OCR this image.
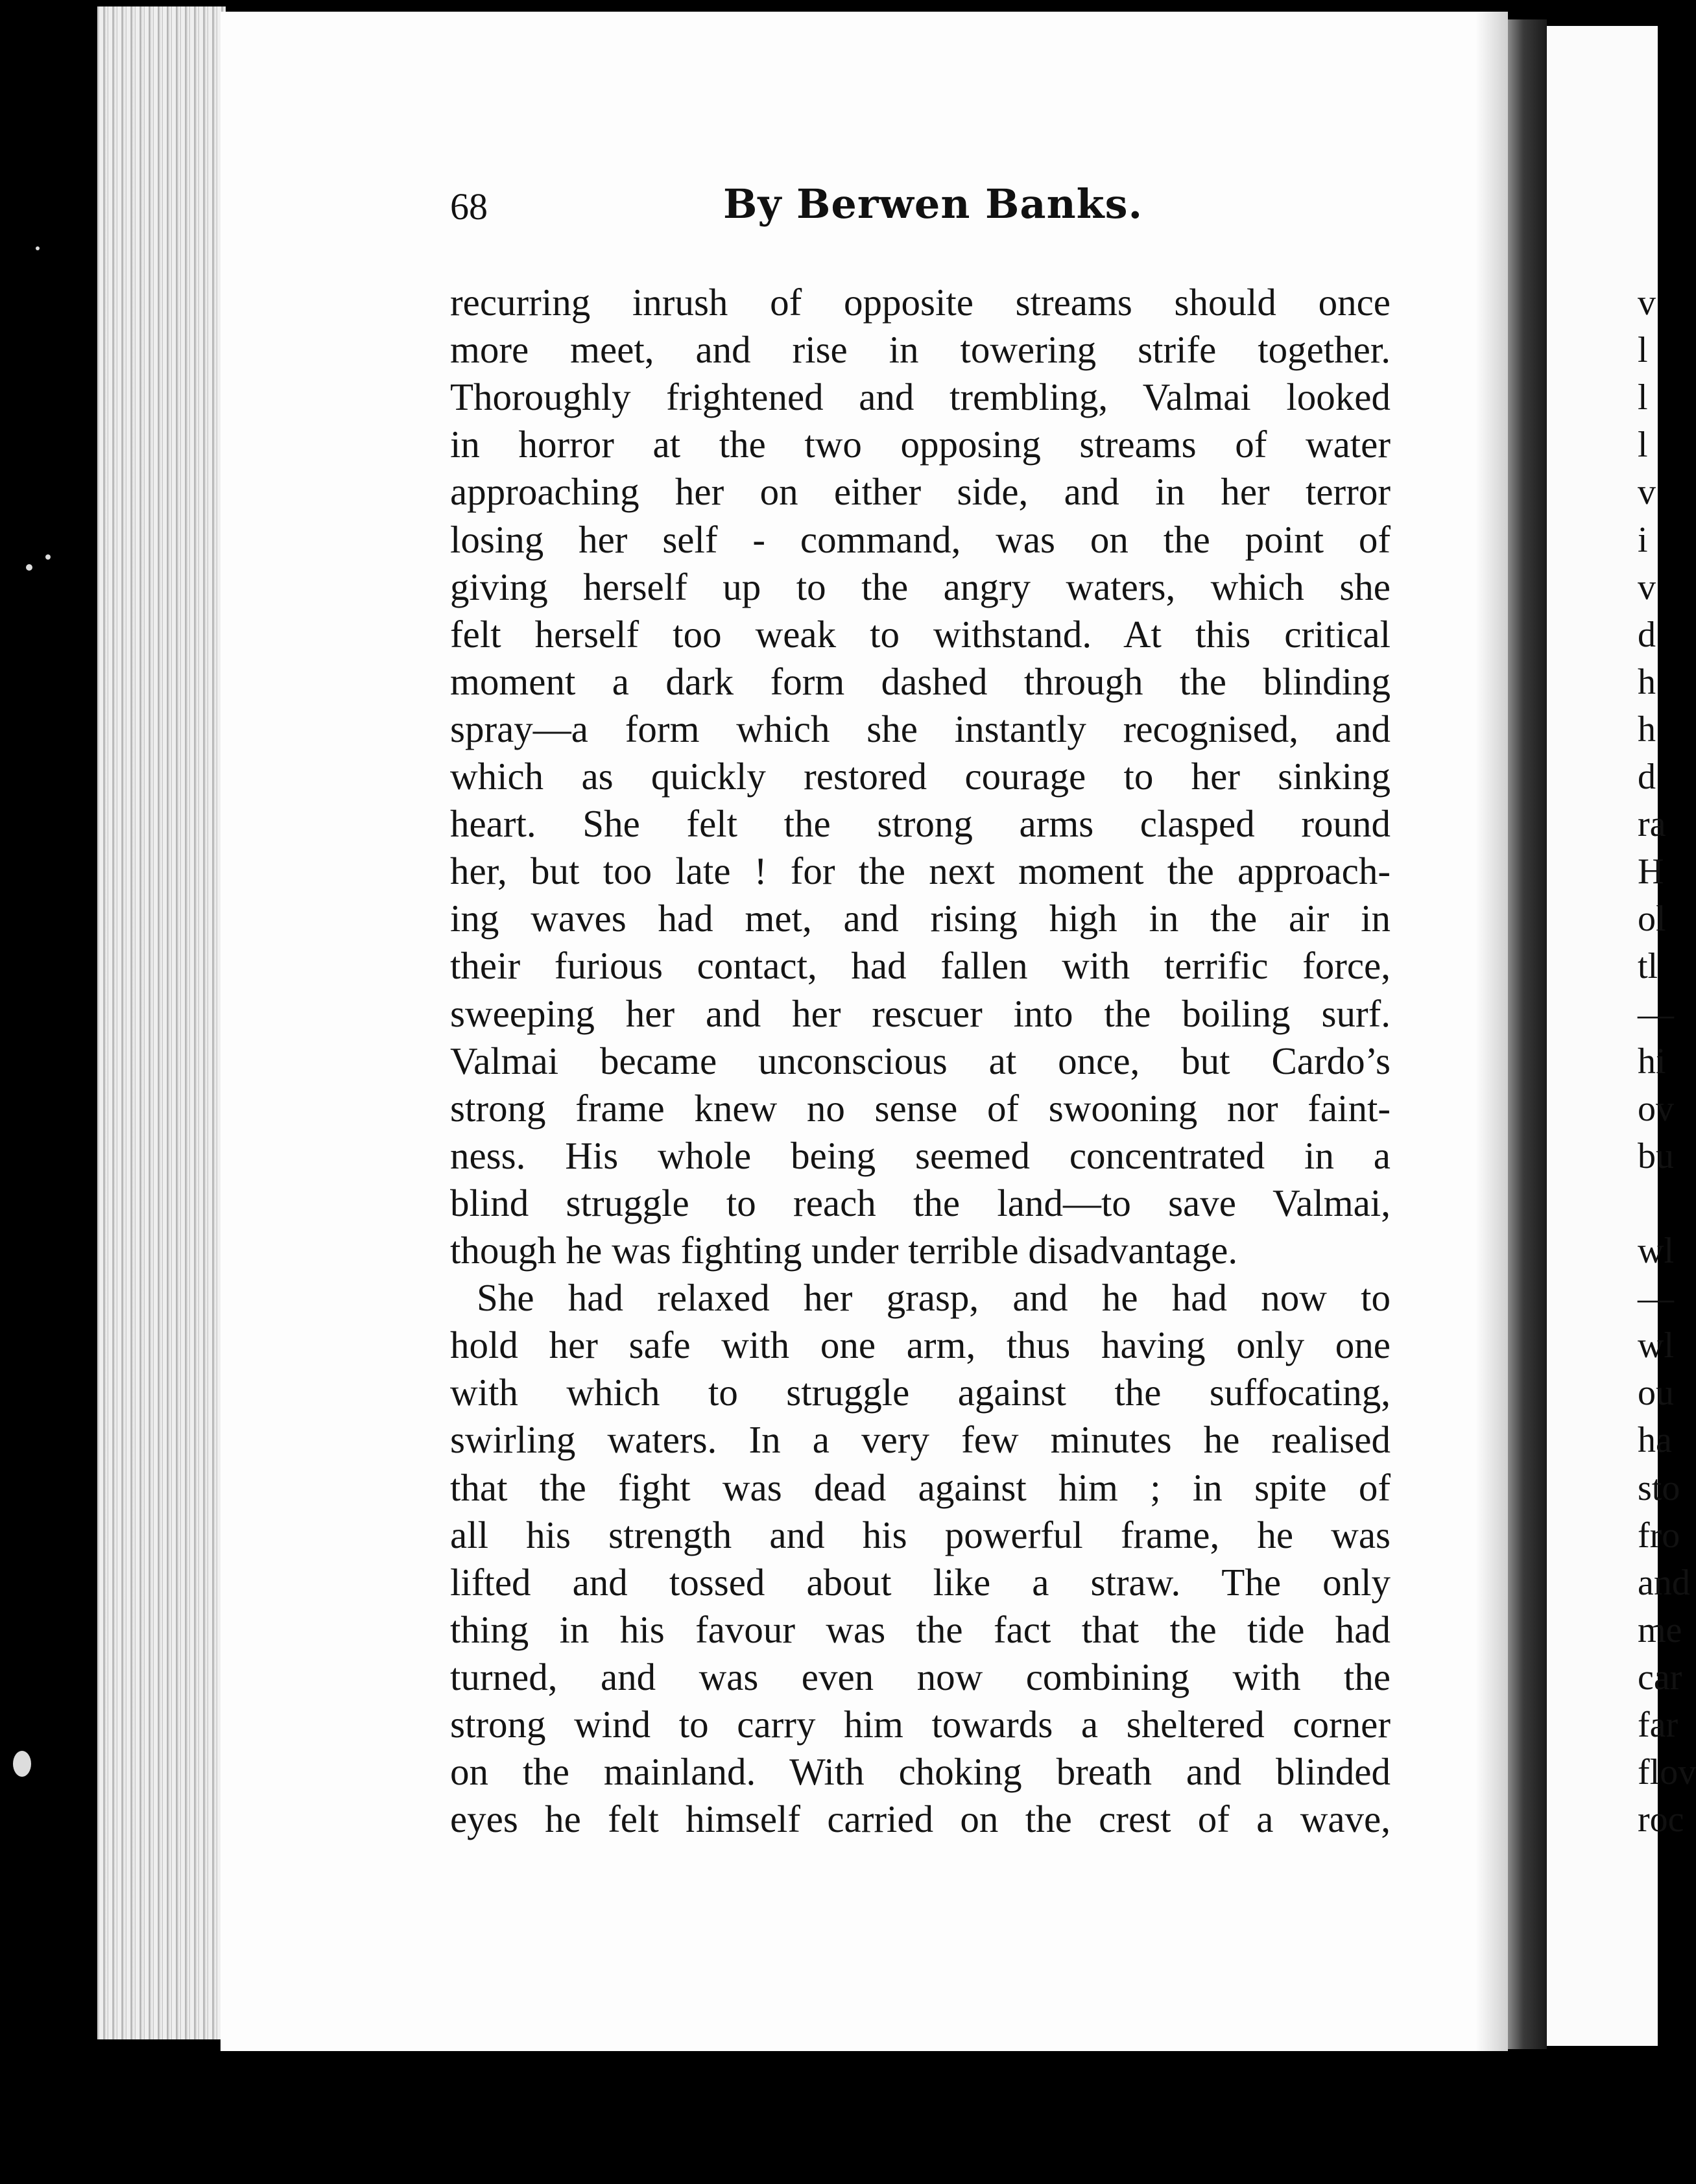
v
l
l
l
v
i
v
d
h
h
d
ra
H
ol
tl
—
hi
ov
bu
wl
—
wl
ou
ha
sto
fro
and
me
car
far
flov
roc
68	By Berwen Banks.
recurring inrush of opposite streams should once
more meet, and rise in towering strife together.
Thoroughly frightened and trembling, Valmai looked
in horror at the two opposing streams of water
approaching her on either side, and in her terror
losing her self - command, was on the point of
giving herself up to the angry waters, which she
felt herself too weak to withstand. At this critical
moment a dark form dashed through the blinding
spray—a form which she instantly recognised, and
which as quickly restored courage to her sinking
heart. She felt the strong arms clasped round
her, but too late ! for the next moment the approach-
ing waves had met, and rising high in the air in
their furious contact, had fallen with terrific force,
sweeping her and her rescuer into the boiling surf.
Valmai became unconscious at once, but Cardo’s
strong frame knew no sense of swooning nor faint-
ness. His whole being seemed concentrated in a
blind struggle to reach the land—to save Valmai,
though he was fighting under terrible disadvantage.
She had relaxed her grasp, and he had now to
hold her safe with one arm, thus having only one
with which to struggle against the suffocating,
swirling waters. In a very few minutes he realised
that the fight was dead against him ; in spite of
all his strength and his powerful frame, he was
lifted and tossed about like a straw. The only
thing in his favour was the fact that the tide had
turned, and was even now combining with the
strong wind to carry him towards a sheltered corner
on the mainland. With choking breath and blinded
eyes he felt himself carried on the crest of a wave,
